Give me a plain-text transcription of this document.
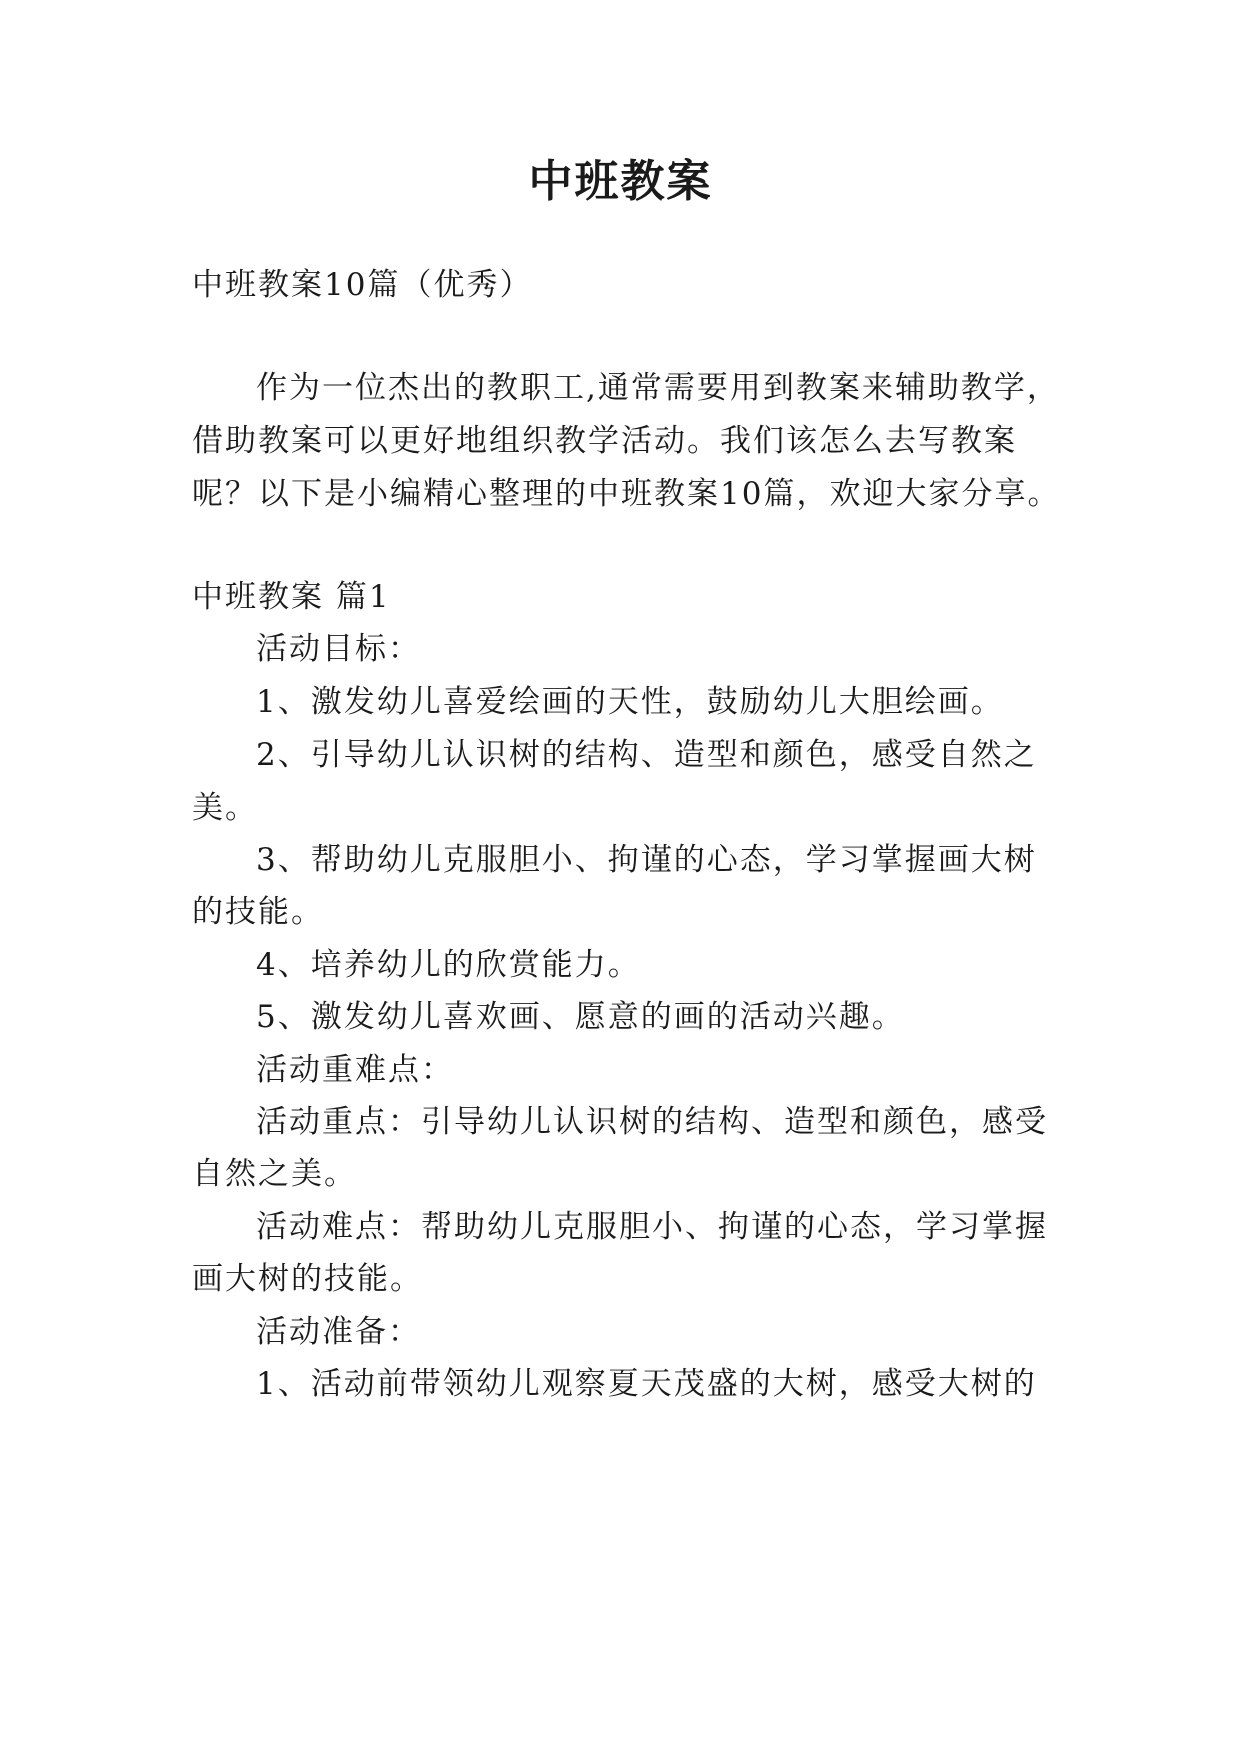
中班教案
中班教案10篇（优秀）
作为一位杰出的教职工,通常需要用到教案来辅助教学，
借助教案可以更好地组织教学活动。我们该怎么去写教案
呢？以下是小编精心整理的中班教案10篇，欢迎大家分享。
中班教案 篇1
活动目标：
1、激发幼儿喜爱绘画的天性，鼓励幼儿大胆绘画。
2、引导幼儿认识树的结构、造型和颜色，感受自然之
美。
3、帮助幼儿克服胆小、拘谨的心态，学习掌握画大树
的技能。
4、培养幼儿的欣赏能力。
5、激发幼儿喜欢画、愿意的画的活动兴趣。
活动重难点：
活动重点：引导幼儿认识树的结构、造型和颜色，感受
自然之美。
活动难点：帮助幼儿克服胆小、拘谨的心态，学习掌握
画大树的技能。
活动准备：
1、活动前带领幼儿观察夏天茂盛的大树，感受大树的
